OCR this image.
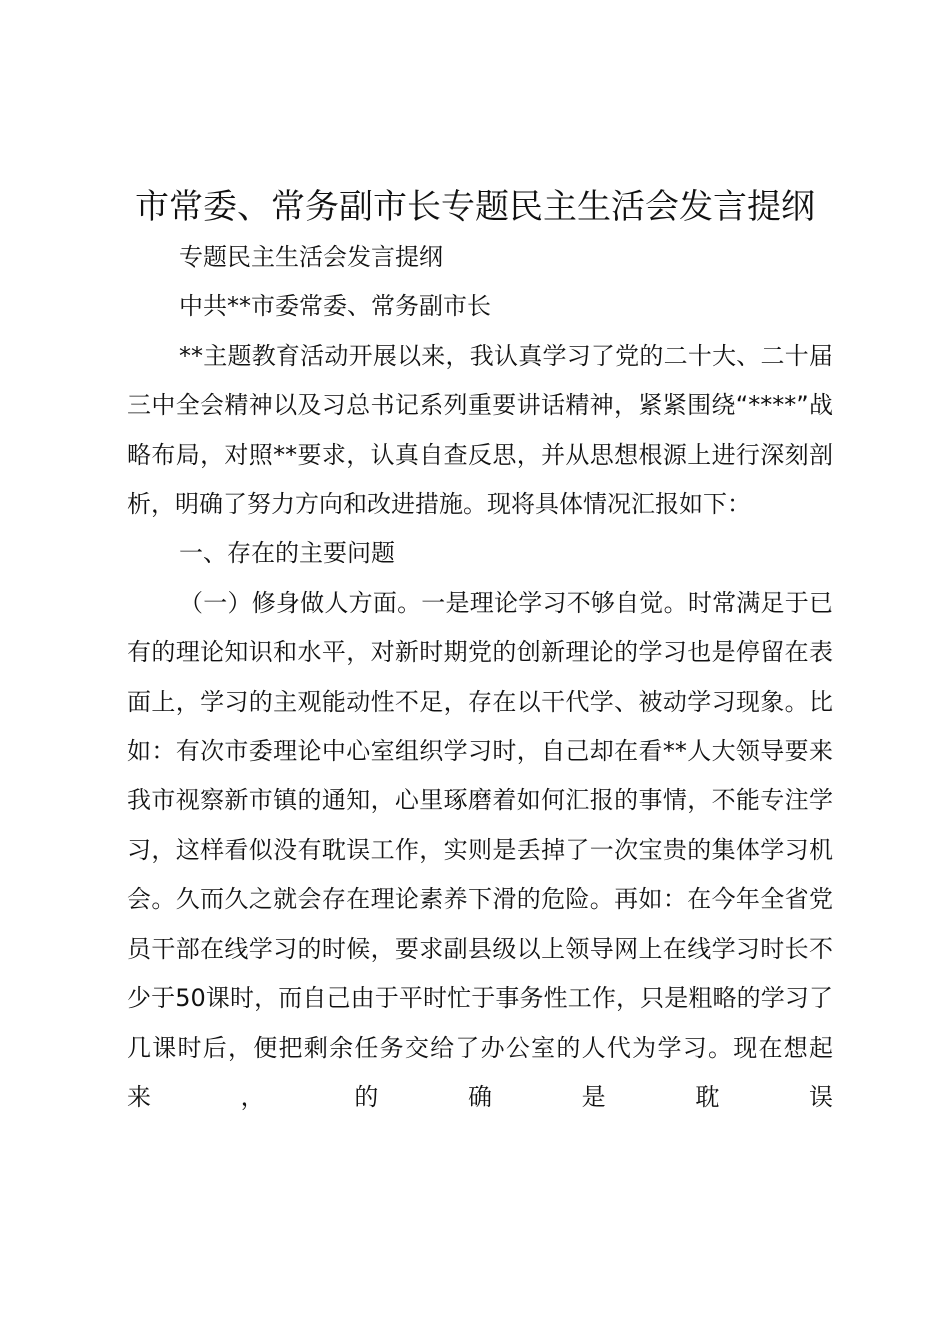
市常委、常务副市长专题民主生活会发言提纲

专题民主生活会发言提纲

中共**市委常委、常务副市长

**主题教育活动开展以来，我认真学习了党的二十大、二十届三中全会精神以及习总书记系列重要讲话精神，紧紧围绕“****”战略布局，对照**要求，认真自查反思，并从思想根源上进行深刻剖析，明确了努力方向和改进措施。现将具体情况汇报如下：

一、存在的主要问题

（一）修身做人方面。一是理论学习不够自觉。时常满足于已有的理论知识和水平，对新时期党的创新理论的学习也是停留在表面上，学习的主观能动性不足，存在以干代学、被动学习现象。比如：有次市委理论中心室组织学习时，自己却在看**人大领导要来我市视察新市镇的通知，心里琢磨着如何汇报的事情，不能专注学习，这样看似没有耽误工作，实则是丢掉了一次宝贵的集体学习机会。久而久之就会存在理论素养下滑的危险。再如：在今年全省党员干部在线学习的时候，要求副县级以上领导网上在线学习时长不少于50课时，而自己由于平时忙于事务性工作，只是粗略的学习了几课时后，便把剩余任务交给了办公室的人代为学习。现在想起来，的确是耽误
